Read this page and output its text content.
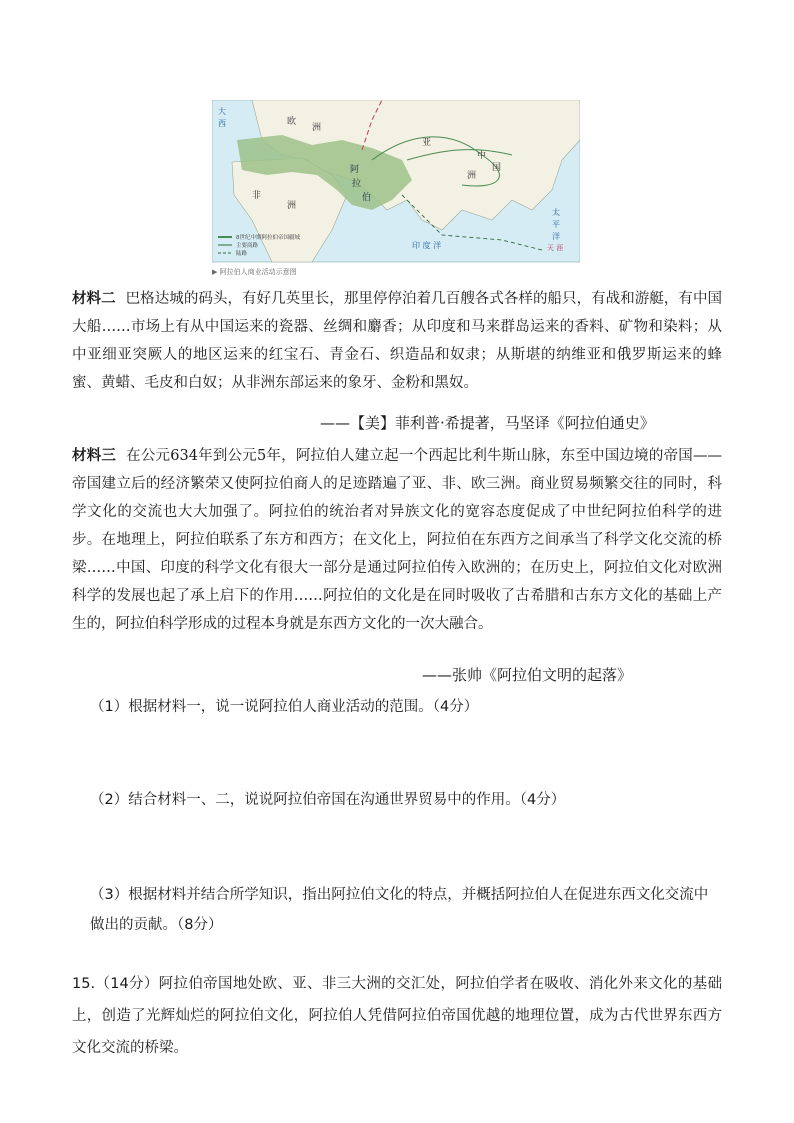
大
西	欧
洲
非
洲
亚
洲
中
国
太
平
洋
印 度 洋	天 涯
阿
拉
伯
8世纪中期阿拉伯帝国疆域
主要商路
陆路
▶ 阿拉伯人商业活动示意图

材料二 巴格达城的码头，有好几英里长，那里停停泊着几百艘各式各样的船只，有战和游艇，有中国大船……市场上有从中国运来的瓷器、丝绸和麝香；从印度和马来群岛运来的香料、矿物和染料；从中亚细亚突厥人的地区运来的红宝石、青金石、织造品和奴隶；从斯堪的纳维亚和俄罗斯运来的蜂蜜、黄蜡、毛皮和白奴；从非洲东部运来的象牙、金粉和黑奴。

——【美】菲利普·希提著，马坚译《阿拉伯通史》

材料三 在公元634年到公元5年，阿拉伯人建立起一个西起比利牛斯山脉，东至中国边境的帝国——帝国建立后的经济繁荣又使阿拉伯商人的足迹踏遍了亚、非、欧三洲。商业贸易频繁交往的同时，科学文化的交流也大大加强了。阿拉伯的统治者对异族文化的宽容态度促成了中世纪阿拉伯科学的进步。在地理上，阿拉伯联系了东方和西方；在文化上，阿拉伯在东西方之间承当了科学文化交流的桥梁……中国、印度的科学文化有很大一部分是通过阿拉伯传入欧洲的；在历史上，阿拉伯文化对欧洲科学的发展也起了承上启下的作用……阿拉伯的文化是在同时吸收了古希腊和古东方文化的基础上产生的，阿拉伯科学形成的过程本身就是东西方文化的一次大融合。

——张帅《阿拉伯文明的起落》

（1）根据材料一，说一说阿拉伯人商业活动的范围。（4分）

（2）结合材料一、二，说说阿拉伯帝国在沟通世界贸易中的作用。（4分）

（3）根据材料并结合所学知识，指出阿拉伯文化的特点，并概括阿拉伯人在促进东西文化交流中做出的贡献。（8分）

15.（14分）阿拉伯帝国地处欧、亚、非三大洲的交汇处，阿拉伯学者在吸收、消化外来文化的基础上，创造了光辉灿烂的阿拉伯文化，阿拉伯人凭借阿拉伯帝国优越的地理位置，成为古代世界东西方文化交流的桥梁。
